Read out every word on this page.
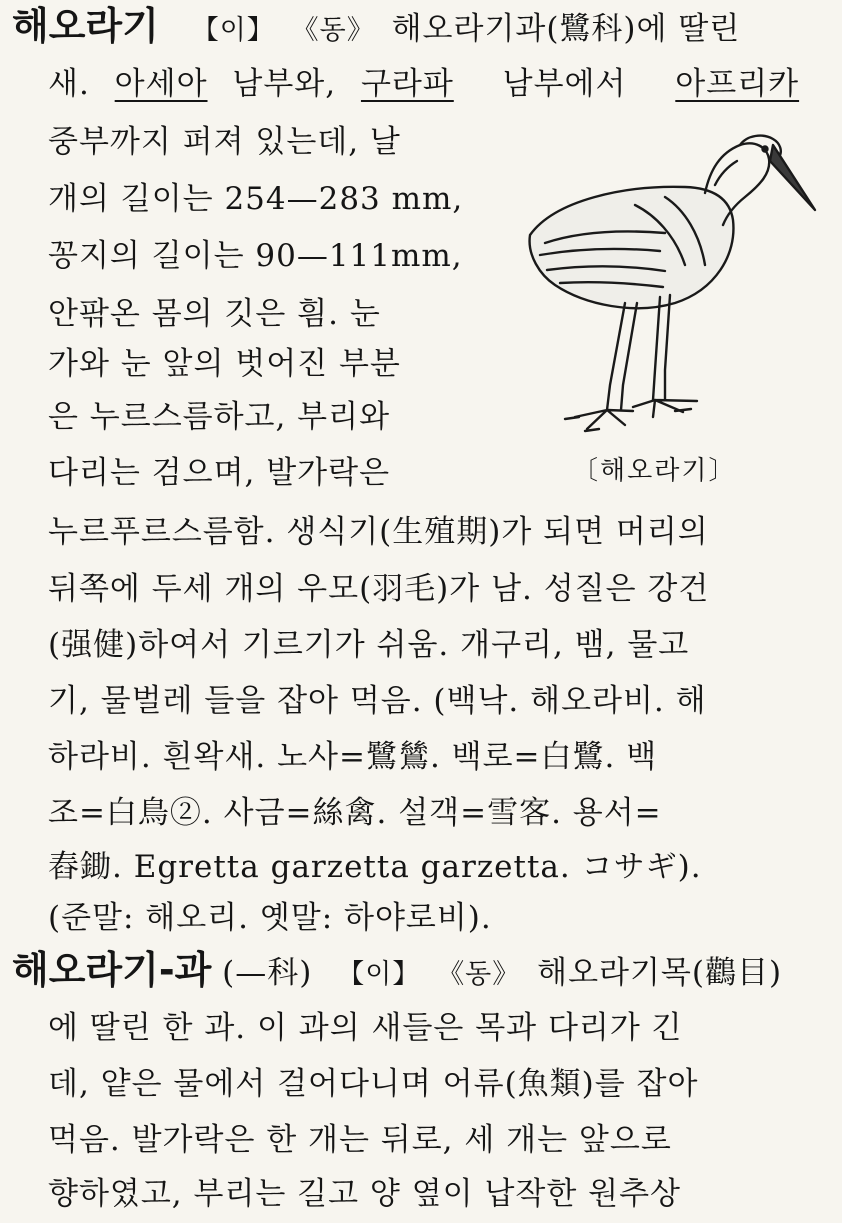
해오라기 【이】 《동》 해오라기과(鷺科)에 딸린
새. 아세아 남부와, 구라파 남부에서 아프리카
중부까지 퍼져 있는데, 날
개의 길이는 254—283 mm,
꽁지의 길이는 90—111mm,
안팎온 몸의 깃은 흼. 눈
가와 눈 앞의 벗어진 부분
은 누르스름하고, 부리와
다리는 검으며, 발가락은	〔해오라기〕
누르푸르스름함. 생식기(生殖期)가 되면 머리의
뒤쪽에 두세 개의 우모(羽毛)가 남. 성질은 강건
(强健)하여서 기르기가 쉬움. 개구리, 뱀, 물고
기, 물벌레 들을 잡아 먹음. (백낙. 해오라비. 해
하라비. 흰왁새. 노사=鷺鷥. 백로=白鷺. 백
조=白鳥②. 사금=絲禽. 설객=雪客. 용서=
舂鋤. Egretta garzetta garzetta. コサギ).
(준말: 해오리. 옛말: 하야로비).
해오라기-과 (—科) 【이】 《동》 해오라기목(鸛目)
에 딸린 한 과. 이 과의 새들은 목과 다리가 긴
데, 얕은 물에서 걸어다니며 어류(魚類)를 잡아
먹음. 발가락은 한 개는 뒤로, 세 개는 앞으로
향하였고, 부리는 길고 양 옆이 납작한 원추상
